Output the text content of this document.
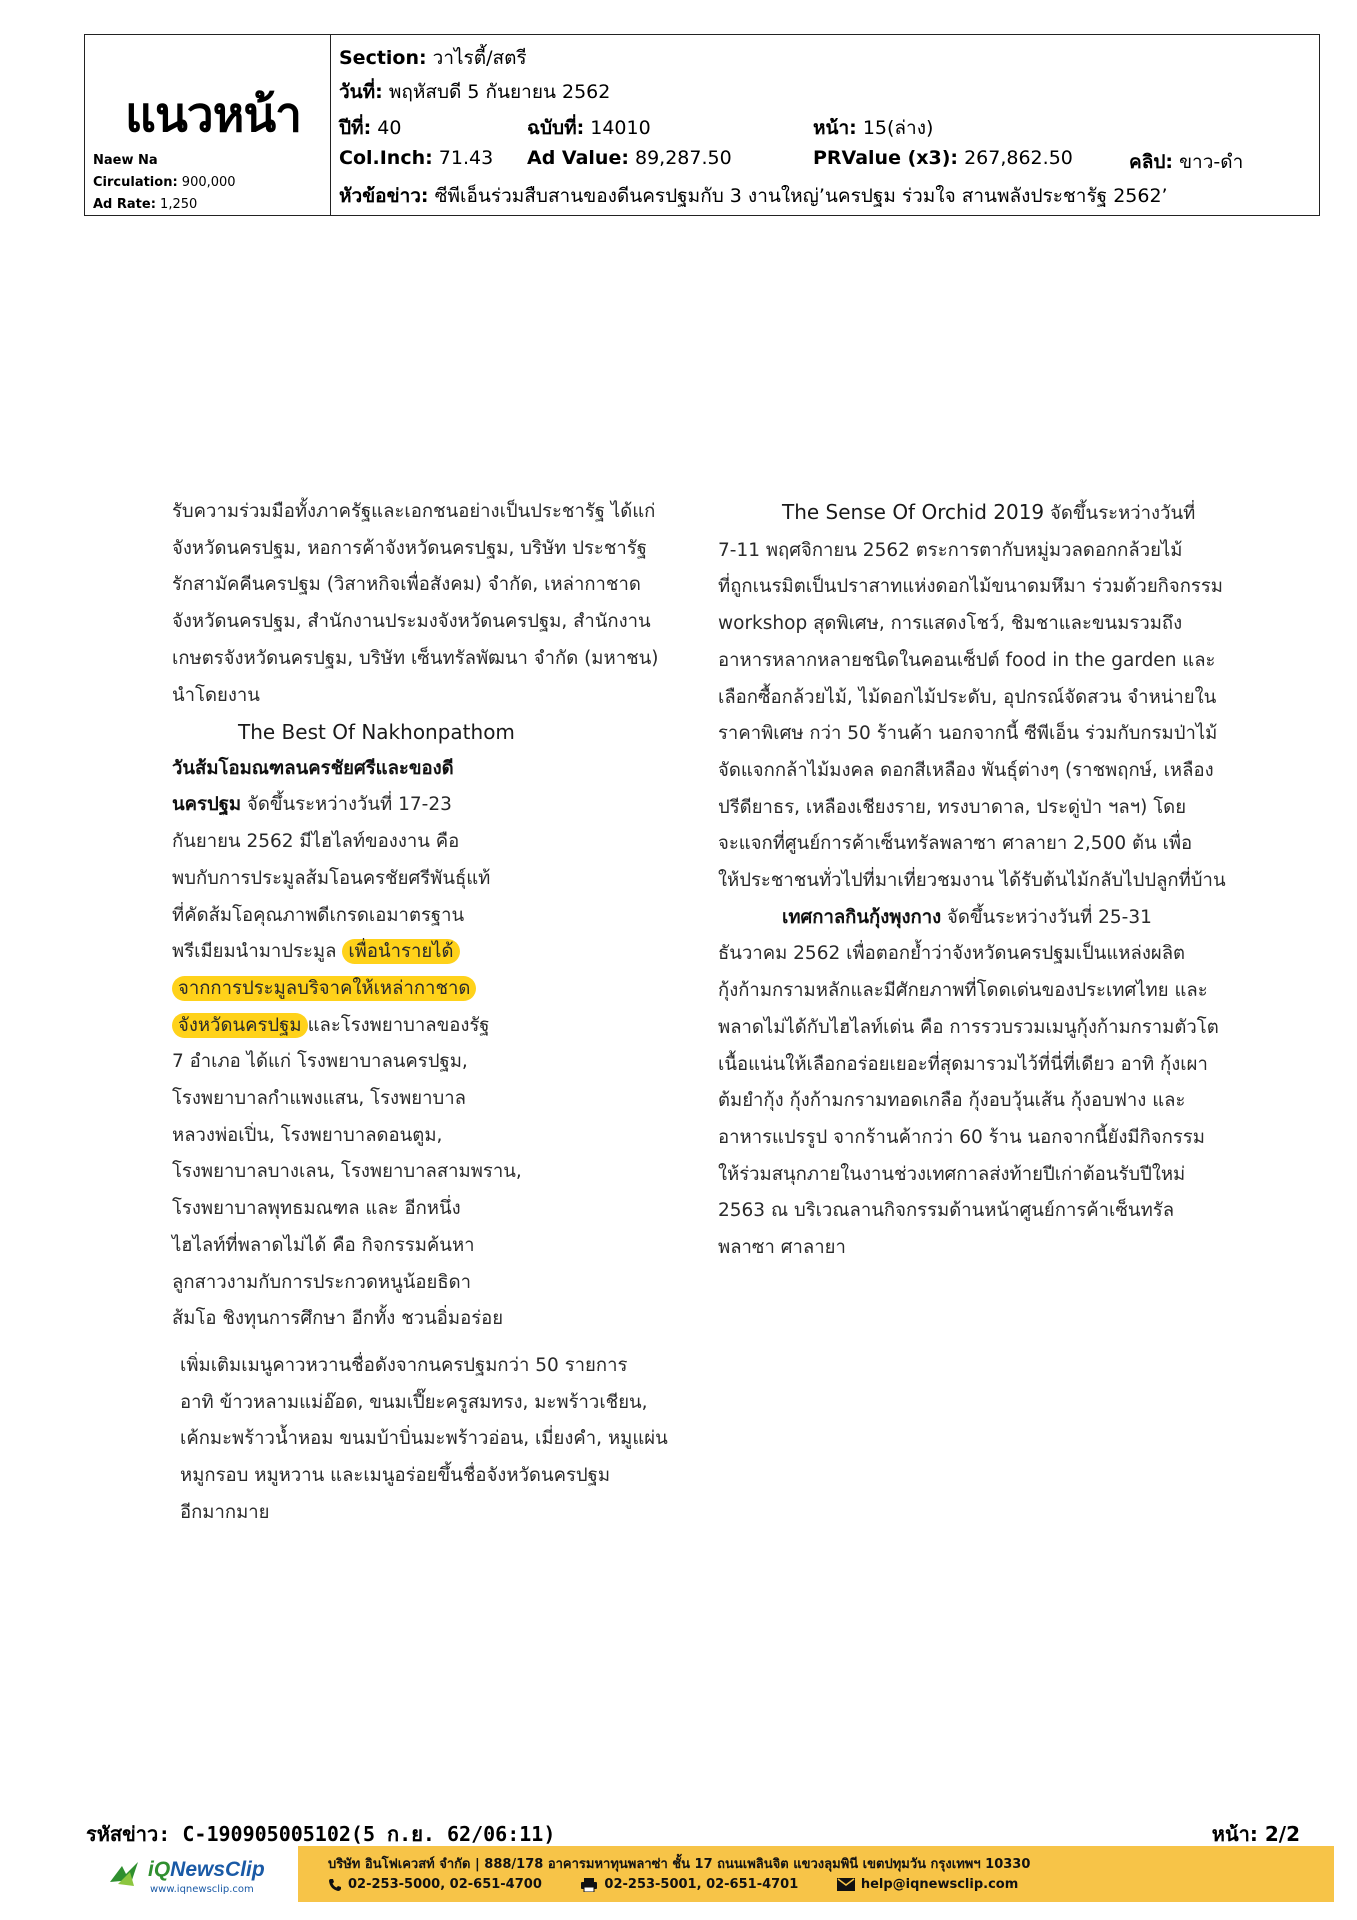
แนวหน้า
Naew Na
Circulation: 900,000
Ad Rate: 1,250
Section: วาไรตี้/สตรี
วันที่: พฤหัสบดี 5 กันยายน 2562
ปีที่: 40	ฉบับที่: 14010	หน้า: 15(ล่าง)
Col.Inch: 71.43 Ad Value: 89,287.50	PRValue (x3): 267,862.50	คลิป: ขาว-ดำ
หัวข้อข่าว: ซีพีเอ็นร่วมสืบสานของดีนครปฐมกับ 3 งานใหญ่’นครปฐม ร่วมใจ สานพลังประชารัฐ 2562’
รับความร่วมมือทั้งภาครัฐและเอกชนอย่างเป็นประชารัฐ ได้แก่
จังหวัดนครปฐม, หอการค้าจังหวัดนครปฐม, บริษัท ประชารัฐ
รักสามัคคีนครปฐม (วิสาหกิจเพื่อสังคม) จำกัด, เหล่ากาชาด
จังหวัดนครปฐม, สำนักงานประมงจังหวัดนครปฐม, สำนักงาน
เกษตรจังหวัดนครปฐม, บริษัท เซ็นทรัลพัฒนา จำกัด (มหาชน)
นำโดยงาน
The Best Of Nakhonpathom
วันส้มโอมณฑลนครชัยศรีและของดี
นครปฐม จัดขึ้นระหว่างวันที่ 17-23
กันยายน 2562 มีไฮไลท์ของงาน คือ
พบกับการประมูลส้มโอนครชัยศรีพันธุ์แท้
ที่คัดส้มโอคุณภาพดีเกรดเอมาตรฐาน
พรีเมียมนำมาประมูล เพื่อนำรายได้
จากการประมูลบริจาคให้เหล่ากาชาด
จังหวัดนครปฐม และโรงพยาบาลของรัฐ
7 อำเภอ ได้แก่ โรงพยาบาลนครปฐม,
โรงพยาบาลกำแพงแสน, โรงพยาบาล
หลวงพ่อเปิ่น, โรงพยาบาลดอนตูม,
โรงพยาบาลบางเลน, โรงพยาบาลสามพราน,
โรงพยาบาลพุทธมณฑล และ อีกหนึ่ง
ไฮไลท์ที่พลาดไม่ได้ คือ กิจกรรมค้นหา
ลูกสาวงามกับการประกวดหนูน้อยธิดา
ส้มโอ ชิงทุนการศึกษา อีกทั้ง ชวนอิ่มอร่อย
เพิ่มเติมเมนูคาวหวานชื่อดังจากนครปฐมกว่า 50 รายการ
อาทิ ข้าวหลามแม่อ๊อด, ขนมเปี๊ยะครูสมทรง, มะพร้าวเชียน,
เค้กมะพร้าวน้ำหอม ขนมบ้าบิ่นมะพร้าวอ่อน, เมี่ยงคำ, หมูแผ่น
หมูกรอบ หมูหวาน และเมนูอร่อยขึ้นชื่อจังหวัดนครปฐม
อีกมากมาย
The Sense Of Orchid 2019 จัดขึ้นระหว่างวันที่
7-11 พฤศจิกายน 2562 ตระการตากับหมู่มวลดอกกล้วยไม้
ที่ถูกเนรมิตเป็นปราสาทแห่งดอกไม้ขนาดมหึมา ร่วมด้วยกิจกรรม
workshop สุดพิเศษ, การแสดงโชว์, ชิมชาและขนมรวมถึง
อาหารหลากหลายชนิดในคอนเซ็ปต์ food in the garden และ
เลือกซื้อกล้วยไม้, ไม้ดอกไม้ประดับ, อุปกรณ์จัดสวน จำหน่ายใน
ราคาพิเศษ กว่า 50 ร้านค้า นอกจากนี้ ซีพีเอ็น ร่วมกับกรมป่าไม้
จัดแจกกล้าไม้มงคล ดอกสีเหลือง พันธุ์ต่างๆ (ราชพฤกษ์, เหลือง
ปรีดียาธร, เหลืองเชียงราย, ทรงบาดาล, ประดู่ป่า ฯลฯ) โดย
จะแจกที่ศูนย์การค้าเซ็นทรัลพลาซา ศาลายา 2,500 ต้น เพื่อ
ให้ประชาชนทั่วไปที่มาเที่ยวชมงาน ได้รับต้นไม้กลับไปปลูกที่บ้าน
เทศกาลกินกุ้งพุงกาง จัดขึ้นระหว่างวันที่ 25-31
ธันวาคม 2562 เพื่อตอกย้ำว่าจังหวัดนครปฐมเป็นแหล่งผลิต
กุ้งก้ามกรามหลักและมีศักยภาพที่โดดเด่นของประเทศไทย และ
พลาดไม่ได้กับไฮไลท์เด่น คือ การรวบรวมเมนูกุ้งก้ามกรามตัวโต
เนื้อแน่นให้เลือกอร่อยเยอะที่สุดมารวมไว้ที่นี่ที่เดียว อาทิ กุ้งเผา
ต้มยำกุ้ง กุ้งก้ามกรามทอดเกลือ กุ้งอบวุ้นเส้น กุ้งอบฟาง และ
อาหารแปรรูป จากร้านค้ากว่า 60 ร้าน นอกจากนี้ยังมีกิจกรรม
ให้ร่วมสนุกภายในงานช่วงเทศกาลส่งท้ายปีเก่าต้อนรับปีใหม่
2563 ณ บริเวณลานกิจกรรมด้านหน้าศูนย์การค้าเซ็นทรัล
พลาซา ศาลายา
รหัสข่าว: C-190905005102(5 ก.ย. 62/06:11)	หน้า: 2/2
iQNewsClip
www.iqnewsclip.com
บริษัท อินโฟเควสท์ จำกัด | 888/178 อาคารมหาทุนพลาซ่า ชั้น 17 ถนนเพลินจิต แขวงลุมพินี เขตปทุมวัน กรุงเทพฯ 10330
02-253-5000, 02-651-4700	02-253-5001, 02-651-4701	help@iqnewsclip.com
